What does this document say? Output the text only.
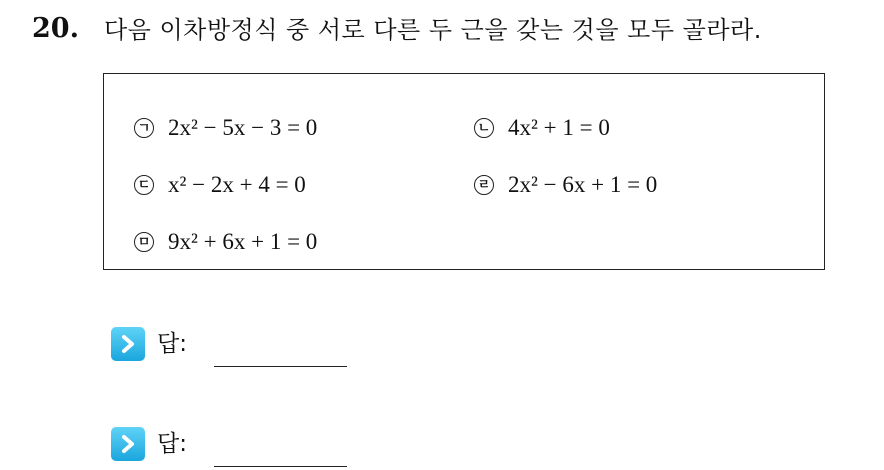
20. 다음 이차방정식 중 서로 다른 두 근을 갖는 것을 모두 골라라.
ㄱ 2x² − 5x − 3 = 0	ㄴ 4x² + 1 = 0
ㄷ x² − 2x + 4 = 0	ㄹ 2x² − 6x + 1 = 0
ㅁ 9x² + 6x + 1 = 0
답:
답:
